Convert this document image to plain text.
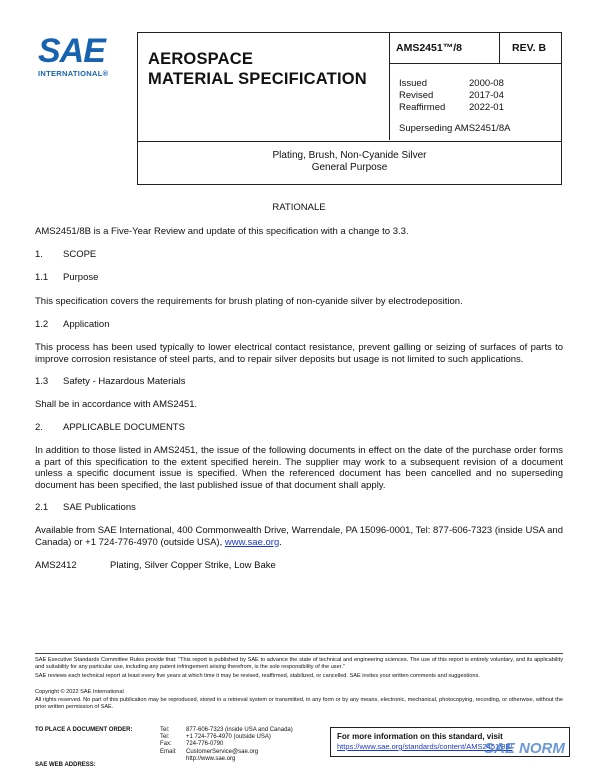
SAE
INTERNATIONAL®
AEROSPACE
MATERIAL SPECIFICATION
AMS2451™/8	REV. B
Issued	2000-08
Revised	2017-04
Reaffirmed	2022-01
Superseding AMS2451/8A
Plating, Brush, Non-Cyanide Silver
General Purpose
RATIONALE
AMS2451/8B is a Five-Year Review and update of this specification with a change to 3.3.
1. SCOPE
1.1 Purpose
This specification covers the requirements for brush plating of non-cyanide silver by electrodeposition.
1.2 Application
This process has been used typically to lower electrical contact resistance, prevent galling or seizing of surfaces of parts to improve corrosion resistance of steel parts, and to repair silver deposits but usage is not limited to such applications.
1.3 Safety - Hazardous Materials
Shall be in accordance with AMS2451.
2. APPLICABLE DOCUMENTS
In addition to those listed in AMS2451, the issue of the following documents in effect on the date of the purchase order forms a part of this specification to the extent specified herein. The supplier may work to a subsequent revision of a document unless a specific document issue is specified. When the referenced document has been cancelled and no superseding document has been specified, the last published issue of that document shall apply.
2.1 SAE Publications
Available from SAE International, 400 Commonwealth Drive, Warrendale, PA 15096-0001, Tel: 877-606-7323 (inside USA and Canada) or +1 724-776-4970 (outside USA), www.sae.org.
AMS2412	Plating, Silver Copper Strike, Low Bake
SAE Executive Standards Committee Rules provide that: “This report is published by SAE to advance the state of technical and engineering sciences. The use of this report is entirely voluntary, and its applicability and suitability for any particular use, including any patent infringement arising therefrom, is the sole responsibility of the user.”
SAE reviews each technical report at least every five years at which time it may be revised, reaffirmed, stabilized, or cancelled. SAE invites your written comments and suggestions.
Copyright © 2022 SAE International
All rights reserved. No part of this publication may be reproduced, stored in a retrieval system or transmitted, in any form or by any means, electronic, mechanical, photocopying, recording, or otherwise, without the prior written permission of SAE.
TO PLACE A DOCUMENT ORDER:	Tel:	877-606-7323 (inside USA and Canada)
Tel:	+1 724-776-4970 (outside USA)
Fax: 724-776-0790
Email: CustomerService@sae.org
http://www.sae.org
SAE WEB ADDRESS:
For more information on this standard, visit
https://www.sae.org/standards/content/AMS2451/8B/
SAE NORM
